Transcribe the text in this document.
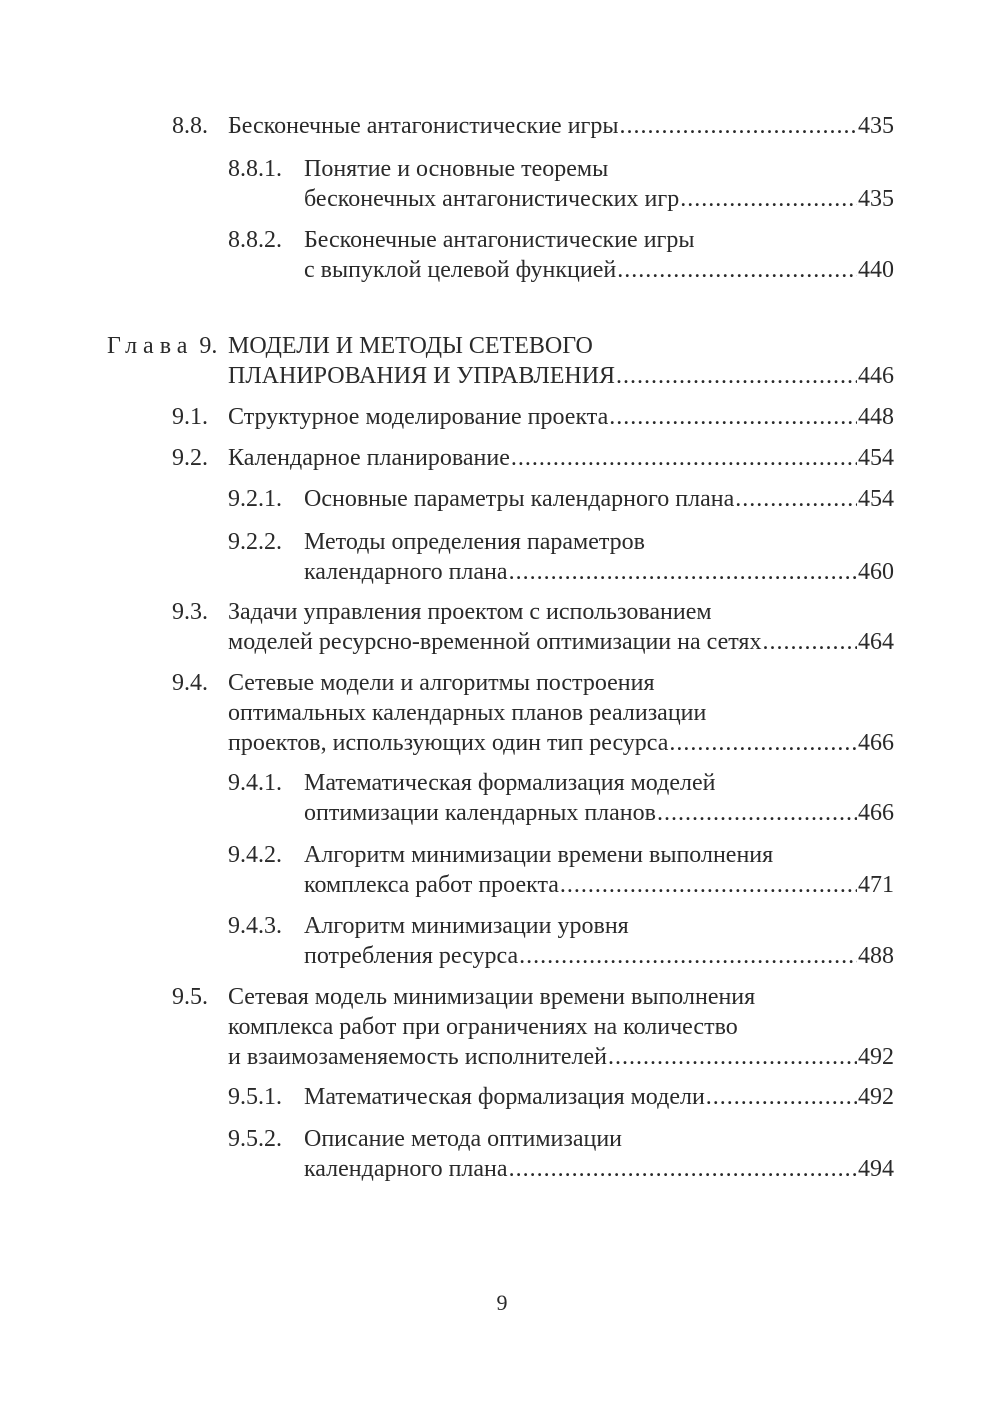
8.8. Бесконечные антагонистические игры .....	435
8.8.1. Понятие и основные теоремы
бесконечных антагонистических игр .....	435
8.8.2. Бесконечные антагонистические игры
с выпуклой целевой функцией .....	440
Глава 9. МОДЕЛИ И МЕТОДЫ СЕТЕВОГО
ПЛАНИРОВАНИЯ И УПРАВЛЕНИЯ .....	446
9.1. Структурное моделирование проекта .....	448
9.2. Календарное планирование .....	454
9.2.1. Основные параметры календарного плана .....	454
9.2.2. Методы определения параметров
календарного плана .....	460
9.3. Задачи управления проектом с использованием
моделей ресурсно-временной оптимизации на сетях .....	464
9.4. Сетевые модели и алгоритмы построения
оптимальных календарных планов реализации
проектов, использующих один тип ресурса .....	466
9.4.1. Математическая формализация моделей
оптимизации календарных планов .....	466
9.4.2. Алгоритм минимизации времени выполнения
комплекса работ проекта .....	471
9.4.3. Алгоритм минимизации уровня
потребления ресурса .....	488
9.5. Сетевая модель минимизации времени выполнения
комплекса работ при ограничениях на количество
и взаимозаменяемость исполнителей .....	492
9.5.1. Математическая формализация модели .....	492
9.5.2. Описание метода оптимизации
календарного плана .....	494
9
